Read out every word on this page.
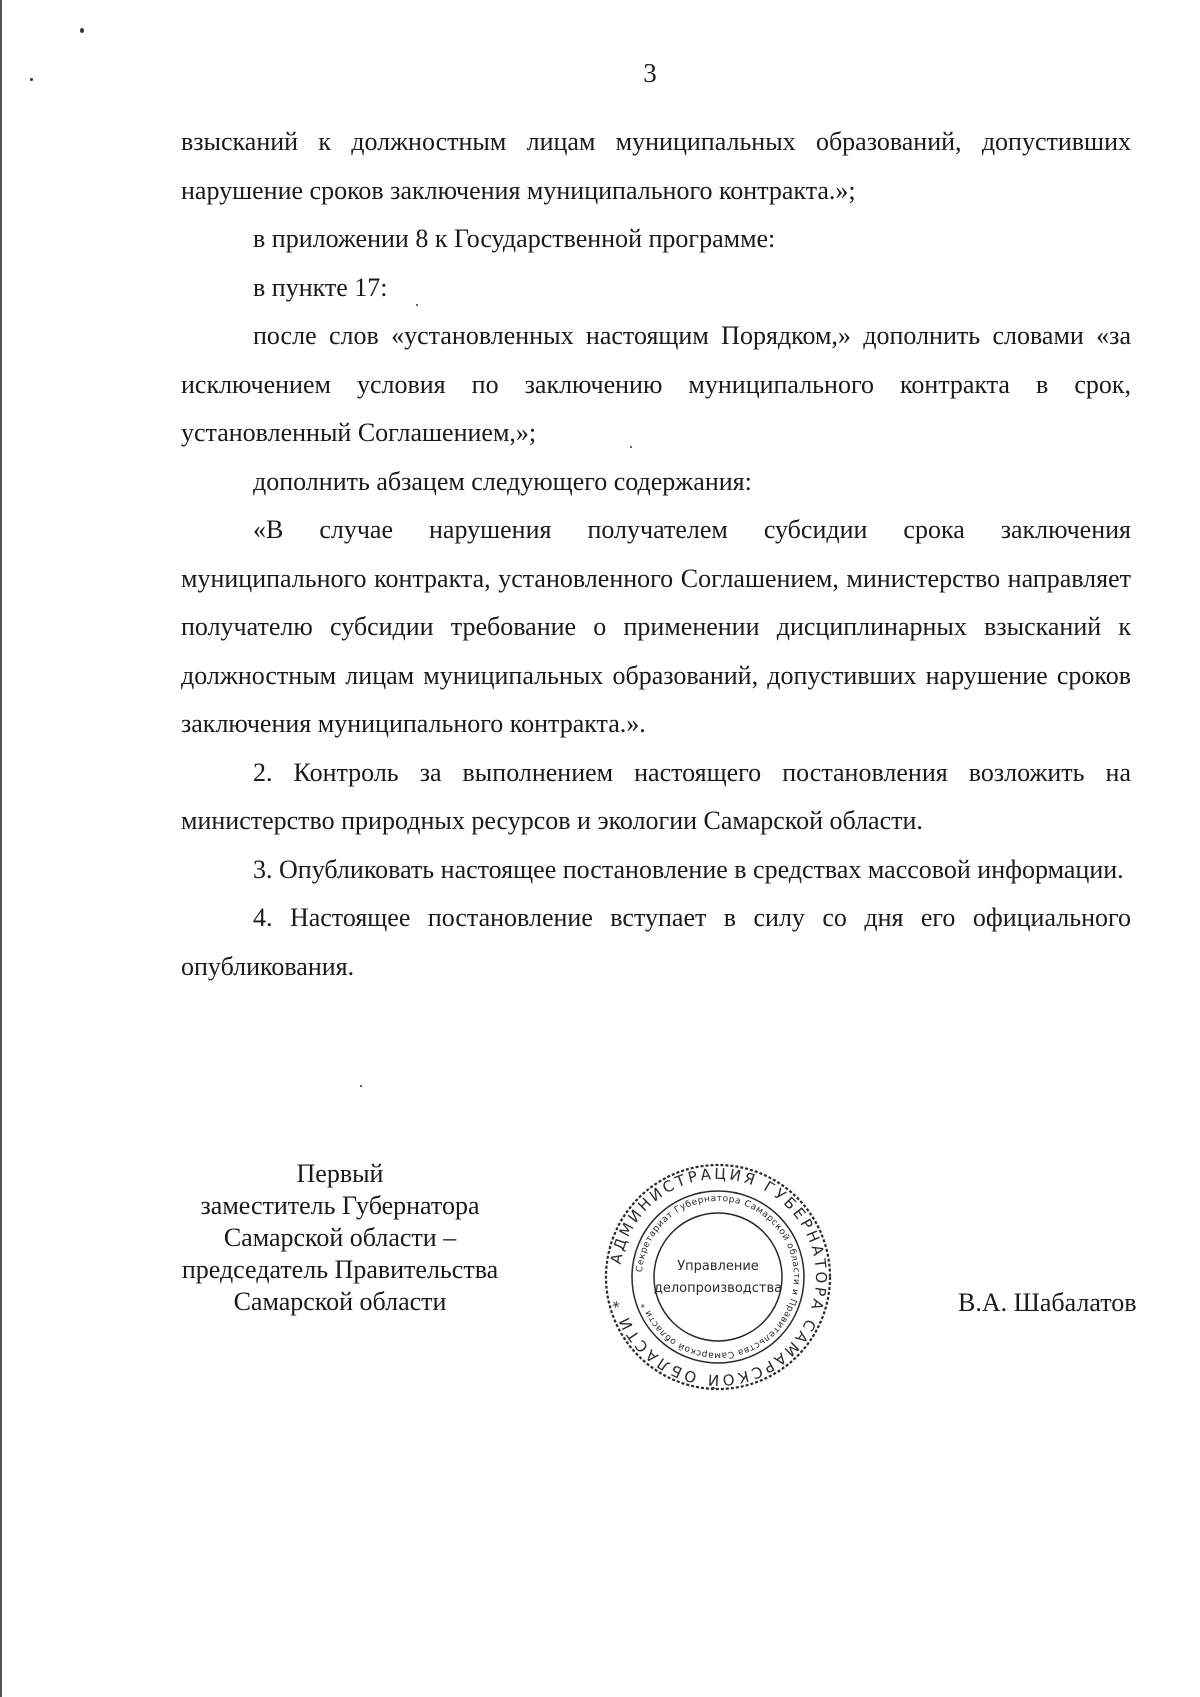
3

взысканий к должностным лицам муниципальных образований, допустивших нарушение сроков заключения муниципального контракта.»;

в приложении 8 к Государственной программе:

в пункте 17:

после слов «установленных настоящим Порядком,» дополнить словами «за исключением условия по заключению муниципального контракта в срок, установленный Соглашением,»;

дополнить абзацем следующего содержания:

«В случае нарушения получателем субсидии срока заключения муниципального контракта, установленного Соглашением, министерство направляет получателю субсидии требование о применении дисциплинарных взысканий к должностным лицам муниципальных образований, допустивших нарушение сроков заключения муниципального контракта.».

2. Контроль за выполнением настоящего постановления возложить на министерство природных ресурсов и экологии Самарской области.

3. Опубликовать настоящее постановление в средствах массовой информации.

4. Настоящее постановление вступает в силу со дня его официального опубликования.

Первый
заместитель Губернатора
Самарской области –
председатель Правительства
Самарской области
АДМИНИСТРАЦИЯ ГУБЕРНАТОРА САМАРСКОЙ ОБЛАСТИ *
Секретариат Губернатора Самарской области и Правительства Самарской области *
Управление
делопроизводства	В.А. Шабалатов
